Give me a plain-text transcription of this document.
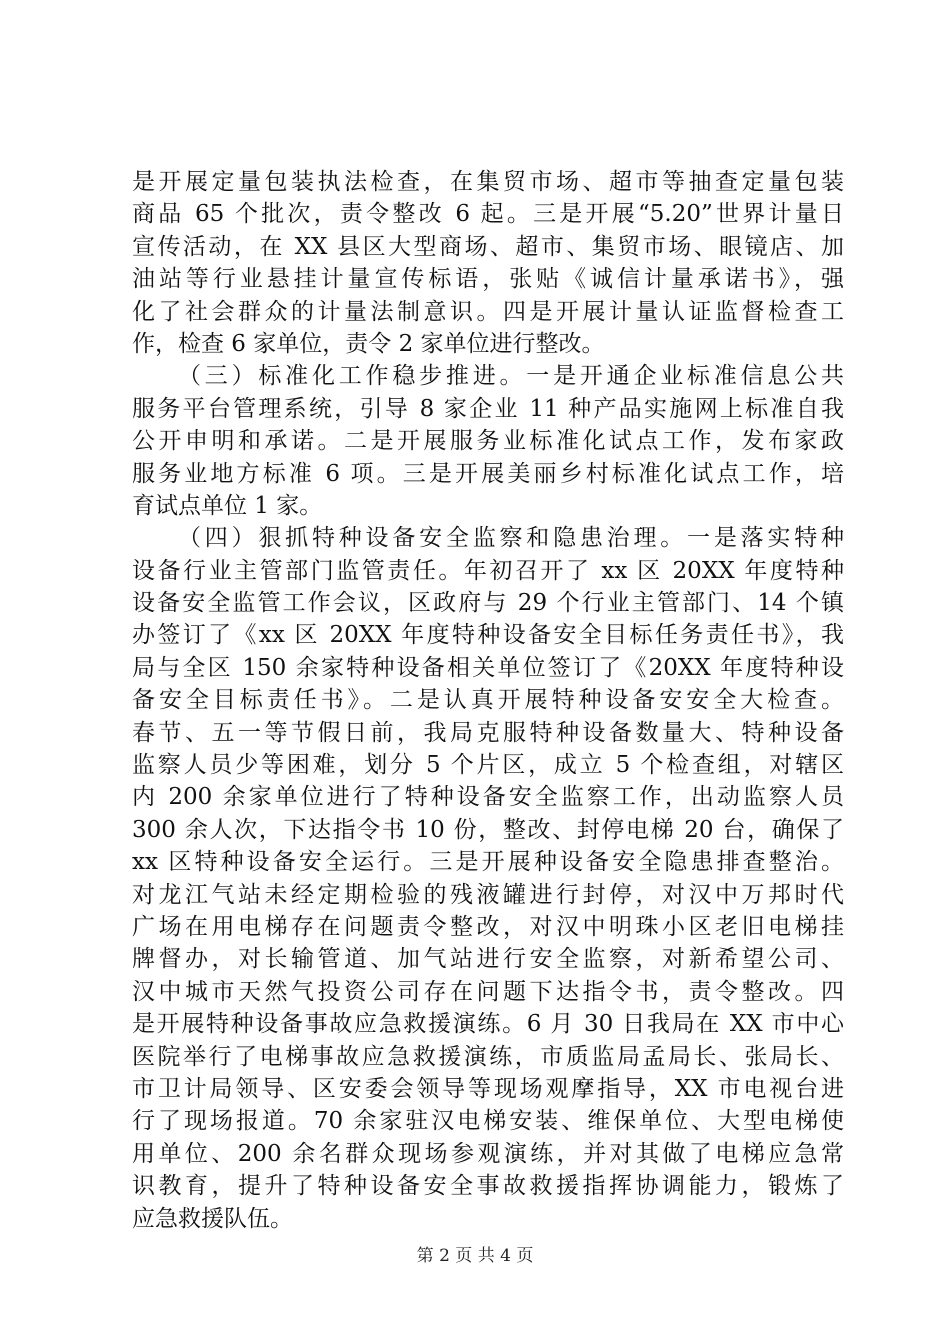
是开展定量包装执法检查，在集贸市场、超市等抽查定量包装
商品 65 个批次，责令整改 6 起。三是开展“5.20”世界计量日
宣传活动，在 XX 县区大型商场、超市、集贸市场、眼镜店、加
油站等行业悬挂计量宣传标语，张贴《诚信计量承诺书》，强
化了社会群众的计量法制意识。四是开展计量认证监督检查工
作，检查 6 家单位，责令 2 家单位进行整改。
（三）标准化工作稳步推进。一是开通企业标准信息公共
服务平台管理系统，引导 8 家企业 11 种产品实施网上标准自我
公开申明和承诺。二是开展服务业标准化试点工作，发布家政
服务业地方标准 6 项。三是开展美丽乡村标准化试点工作，培
育试点单位 1 家。
（四）狠抓特种设备安全监察和隐患治理。一是落实特种
设备行业主管部门监管责任。年初召开了 xx 区 20XX 年度特种
设备安全监管工作会议，区政府与 29 个行业主管部门、14 个镇
办签订了《xx 区 20XX 年度特种设备安全目标任务责任书》，我
局与全区 150 余家特种设备相关单位签订了《20XX 年度特种设
备安全目标责任书》。二是认真开展特种设备安安全大检查。
春节、五一等节假日前，我局克服特种设备数量大、特种设备
监察人员少等困难，划分 5 个片区，成立 5 个检查组，对辖区
内 200 余家单位进行了特种设备安全监察工作，出动监察人员
300 余人次，下达指令书 10 份，整改、封停电梯 20 台，确保了
xx 区特种设备安全运行。三是开展种设备安全隐患排查整治。
对龙江气站未经定期检验的残液罐进行封停，对汉中万邦时代
广场在用电梯存在问题责令整改，对汉中明珠小区老旧电梯挂
牌督办，对长输管道、加气站进行安全监察，对新希望公司、
汉中城市天然气投资公司存在问题下达指令书，责令整改。四
是开展特种设备事故应急救援演练。6 月 30 日我局在 XX 市中心
医院举行了电梯事故应急救援演练，市质监局孟局长、张局长、
市卫计局领导、区安委会领导等现场观摩指导，XX 市电视台进
行了现场报道。70 余家驻汉电梯安装、维保单位、大型电梯使
用单位、200 余名群众现场参观演练，并对其做了电梯应急常
识教育，提升了特种设备安全事故救援指挥协调能力，锻炼了
应急救援队伍。
第 2 页 共 4 页
